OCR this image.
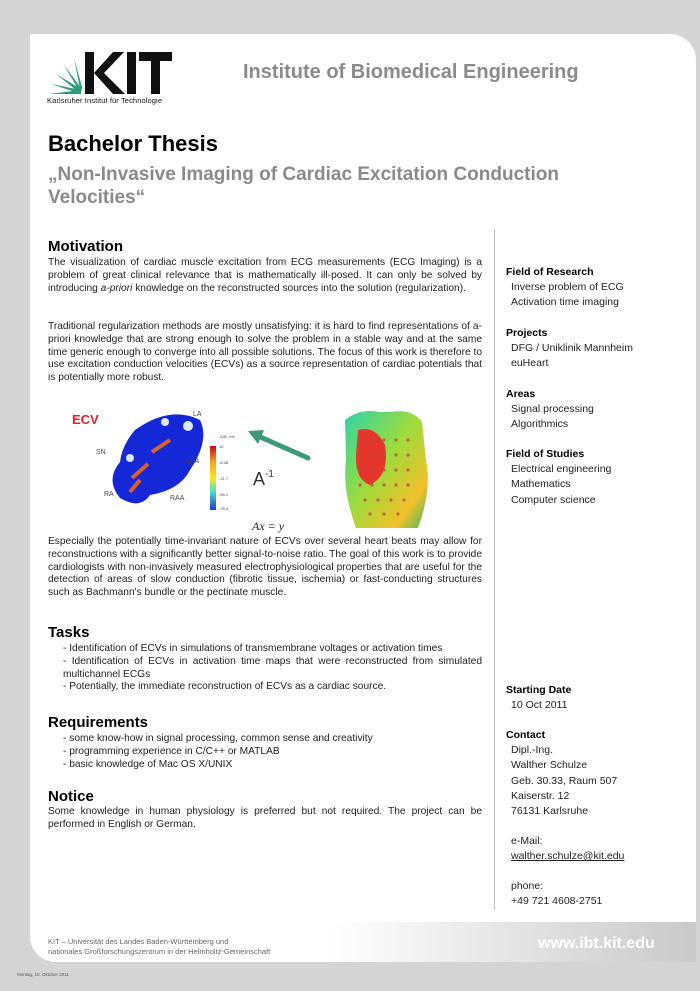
Karlsruher Institut für Technologie
Institute of Biomedical Engineering
Bachelor Thesis
„Non-Invasive Imaging of Cardiac Excitation Conduction Velocities“
Motivation

The visualization of cardiac muscle excitation from ECG measurements (ECG Imaging) is a problem of great clinical relevance that is mathematically ill-posed. It can only be solved by introducing a-priori knowledge on the reconstructed sources into the solution (regularization).

Traditional regularization methods are mostly unsatisfying: it is hard to find representations of a-priori knowledge that are strong enough to solve the problem in a stable way and at the same time generic enough to converge into all possible solutions. The focus of this work is therefore to use excitation conduction velocities (ECVs) as a source representation of cardiac potentials that is potentially more robust.

ECV	LA
LAA
SN
RA
RAA
ΔΦ/, mV
10
-8.38
-21.7
-55.1
-78.4
$A^{-1}$
Ax = y

Especially the potentially time-invariant nature of ECVs over several heart beats may allow for reconstructions with a significantly better signal-to-noise ratio. The goal of this work is to provide cardiologists with non-invasively measured electrophysiological properties that are useful for the detection of areas of slow conduction (fibrotic tissue, ischemia) or fast-conducting structures such as Bachmann's bundle or the pectinate muscle.

Tasks
- Identification of ECVs in simulations of transmembrane voltages or activation times
- Identification of ECVs in activation time maps that were reconstructed from simulated multichannel ECGs
- Potentially, the immediate reconstruction of ECVs as a cardiac source.
Requirements
- some know-how in signal processing, common sense and creativity
- programming experience in C/C++ or MATLAB
- basic knowledge of Mac OS X/UNIX
Notice

Some knowledge in human physiology is preferred but not required. The project can be performed in English or German.

Field of Research
Inverse problem of ECG
Activation time imaging
Projects
DFG / Uniklinik Mannheim
euHeart
Areas
Signal processing
Algorithmics
Field of Studies
Electrical engineering
Mathematics
Computer science
Starting Date
10 Oct 2011
Contact
Dipl.-Ing.
Walther Schulze
Geb. 30.33, Raum 507
Kaiserstr. 12
76131 Karlsruhe
e-Mail:
walther.schulze@kit.edu
phone:
+49 721 4608-2751
KIT – Universität des Landes Baden-Württemberg und
nationales Großforschungszentrum in der Helmholtz-Gemeinschaft	www.ibt.kit.edu
Montag, 10. Oktober 2011
